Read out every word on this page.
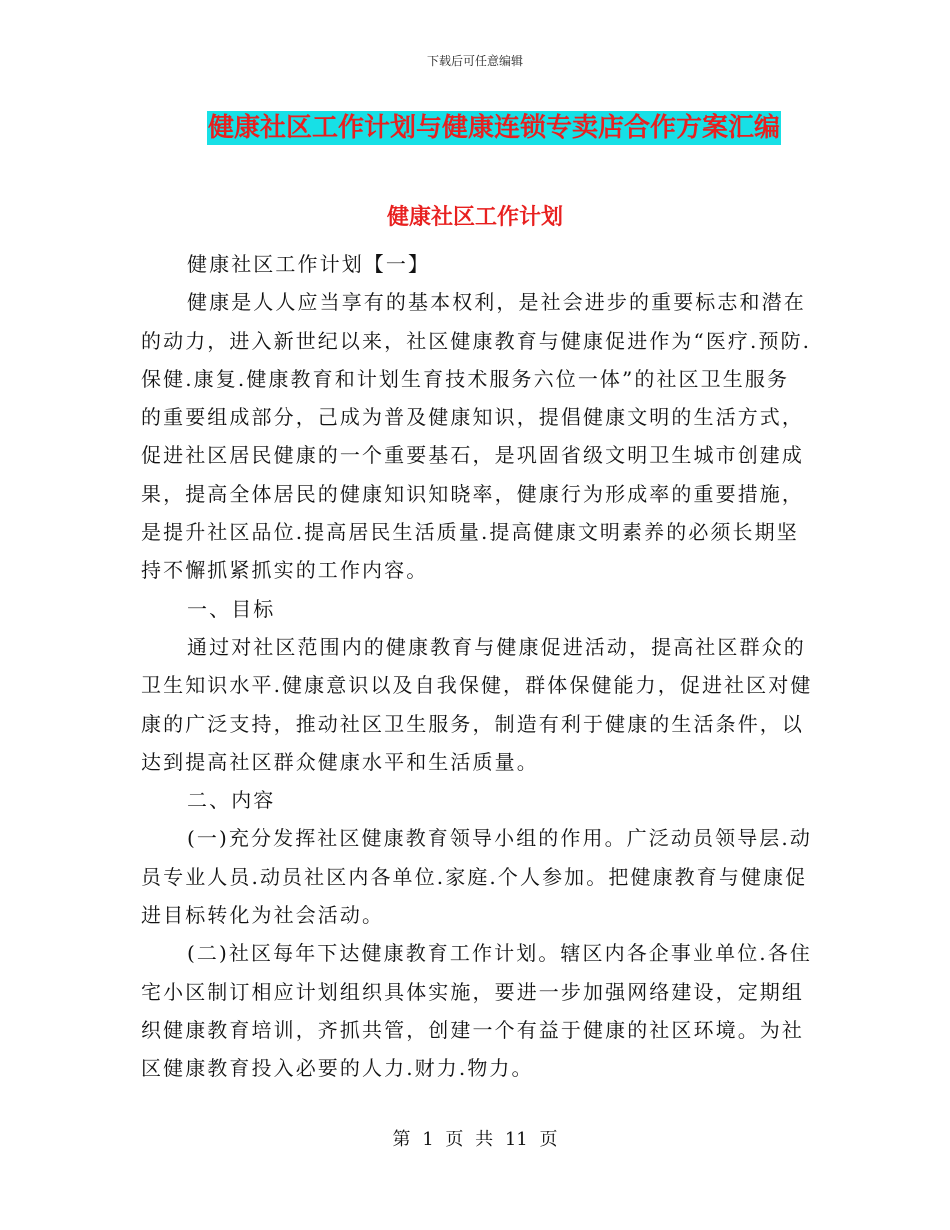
下载后可任意编辑
健康社区工作计划与健康连锁专卖店合作方案汇编
健康社区工作计划
健康社区工作计划【一】
健康是人人应当享有的基本权利，是社会进步的重要标志和潜在
的动力，进入新世纪以来，社区健康教育与健康促进作为“医疗.预防.
保健.康复.健康教育和计划生育技术服务六位一体”的社区卫生服务
的重要组成部分，己成为普及健康知识，提倡健康文明的生活方式，
促进社区居民健康的一个重要基石，是巩固省级文明卫生城市创建成
果，提高全体居民的健康知识知晓率，健康行为形成率的重要措施，
是提升社区品位.提高居民生活质量.提高健康文明素养的必须长期坚
持不懈抓紧抓实的工作内容。
一、目标
通过对社区范围内的健康教育与健康促进活动，提高社区群众的
卫生知识水平.健康意识以及自我保健，群体保健能力，促进社区对健
康的广泛支持，推动社区卫生服务，制造有利于健康的生活条件，以
达到提高社区群众健康水平和生活质量。
二、内容
(一)充分发挥社区健康教育领导小组的作用。广泛动员领导层.动
员专业人员.动员社区内各单位.家庭.个人参加。把健康教育与健康促
进目标转化为社会活动。
(二)社区每年下达健康教育工作计划。辖区内各企事业单位.各住
宅小区制订相应计划组织具体实施，要进一步加强网络建设，定期组
织健康教育培训，齐抓共管，创建一个有益于健康的社区环境。为社
区健康教育投入必要的人力.财力.物力。
第 1 页 共 11 页
